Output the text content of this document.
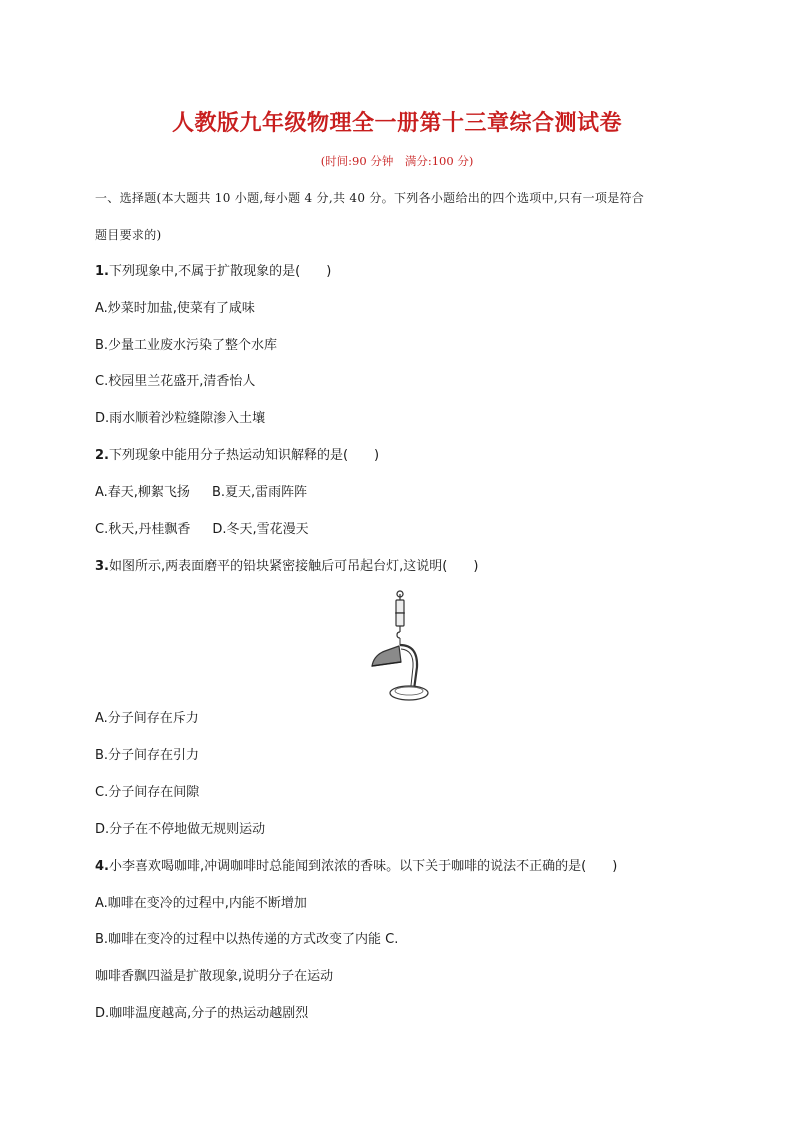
人教版九年级物理全一册第十三章综合测试卷
(时间:90 分钟　满分:100 分)
一、选择题(本大题共 10 小题,每小题 4 分,共 40 分。下列各小题给出的四个选项中,只有一项是符合
题目要求的)
1.下列现象中,不属于扩散现象的是(　　)
A.炒菜时加盐,使菜有了咸味
B.少量工业废水污染了整个水库
C.校园里兰花盛开,清香怡人
D.雨水顺着沙粒缝隙渗入土壤
2.下列现象中能用分子热运动知识解释的是(　　)
A.春天,柳絮飞扬 B.夏天,雷雨阵阵
C.秋天,丹桂飘香 D.冬天,雪花漫天
3.如图所示,两表面磨平的铅块紧密接触后可吊起台灯,这说明(　　)
A.分子间存在斥力
B.分子间存在引力
C.分子间存在间隙
D.分子在不停地做无规则运动
4.小李喜欢喝咖啡,冲调咖啡时总能闻到浓浓的香味。以下关于咖啡的说法不正确的是(　　)
A.咖啡在变冷的过程中,内能不断增加
B.咖啡在变冷的过程中以热传递的方式改变了内能 C.
咖啡香飘四溢是扩散现象,说明分子在运动
D.咖啡温度越高,分子的热运动越剧烈
